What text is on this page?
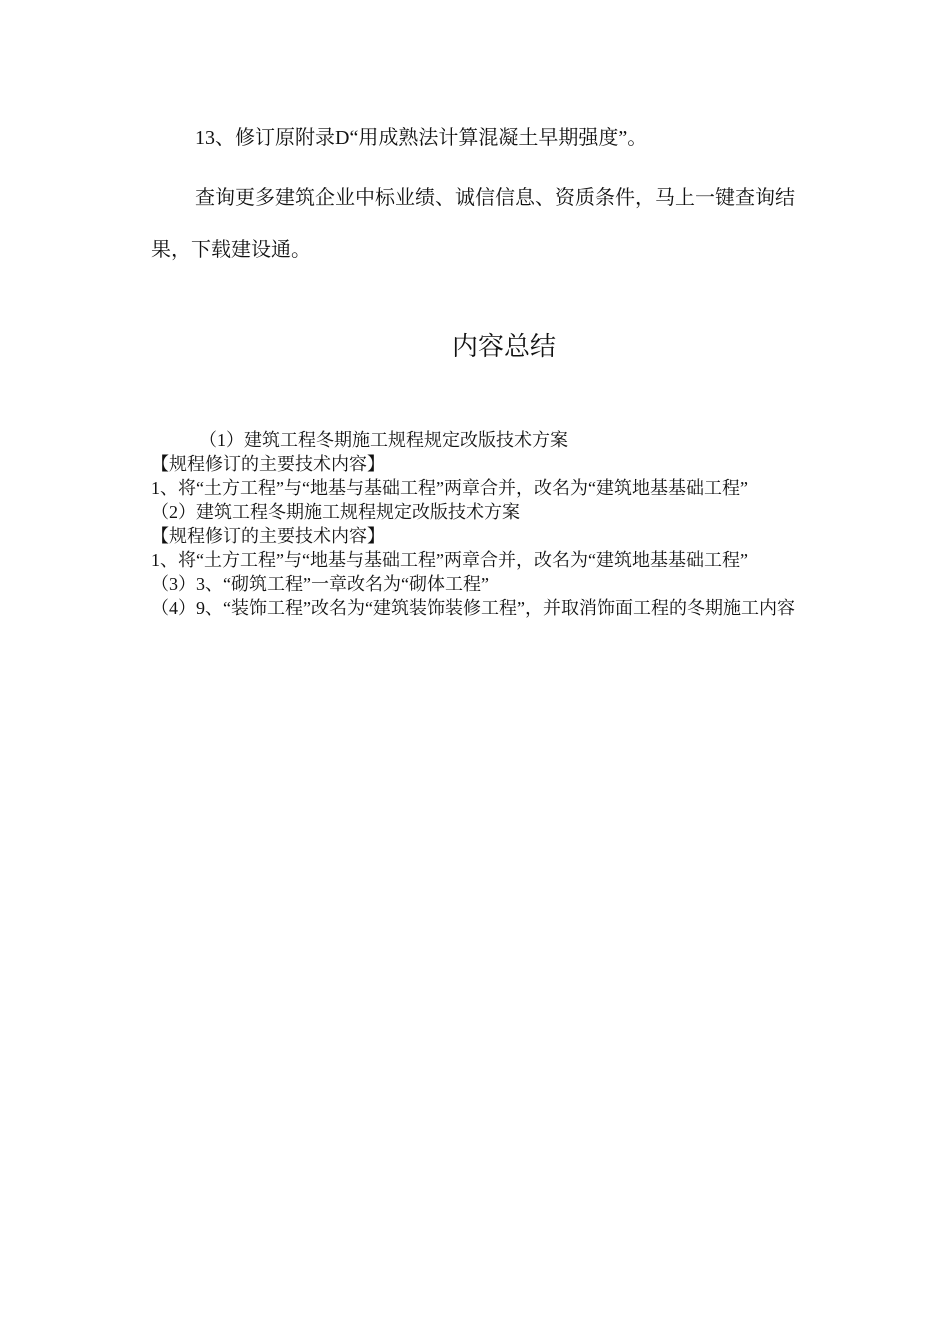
13、修订原附录D“用成熟法计算混凝土早期强度”。

查询更多建筑企业中标业绩、诚信信息、资质条件，马上一键查询结果，下载建设通。

内容总结
（1）建筑工程冬期施工规程规定改版技术方案
【规程修订的主要技术内容】
1、将“土方工程”与“地基与基础工程”两章合并，改名为“建筑地基基础工程”
（2）建筑工程冬期施工规程规定改版技术方案
【规程修订的主要技术内容】
1、将“土方工程”与“地基与基础工程”两章合并，改名为“建筑地基基础工程”
（3）3、“砌筑工程”一章改名为“砌体工程”
（4）9、“装饰工程”改名为“建筑装饰装修工程”，并取消饰面工程的冬期施工内容
